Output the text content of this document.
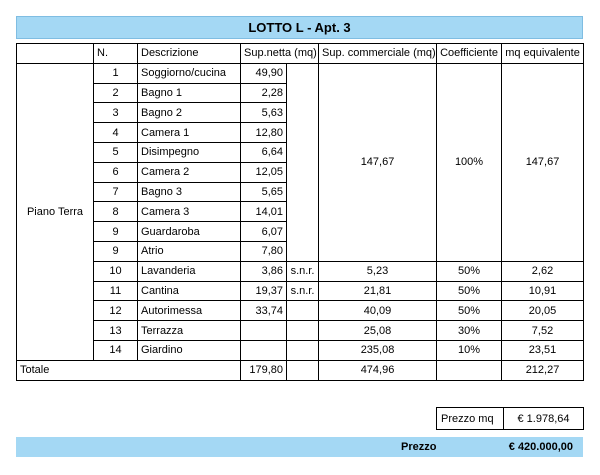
LOTTO L - Apt. 3
	N.	Descrizione	Sup.netta (mq)		Sup. commerciale (mq)	Coefficiente	mq equivalente
Piano Terra	1	Soggiorno/cucina	49,90		147,67	100%	147,67
	2	Bagno 1	2,28				
	3	Bagno 2	5,63				
	4	Camera 1	12,80				
	5	Disimpegno	6,64				
	6	Camera 2	12,05				
	7	Bagno 3	5,65				
	8	Camera 3	14,01				
	9	Guardaroba	6,07				
	9	Atrio	7,80				
	10	Lavanderia	3,86	s.n.r.	5,23	50%	2,62
	11	Cantina	19,37	s.n.r.	21,81	50%	10,91
	12	Autorimessa	33,74		40,09	50%	20,05
	13	Terrazza			25,08	30%	7,52
	14	Giardino			235,08	10%	23,51
Totale			179,80		474,96		212,27
Prezzo mq	€ 1.978,64
Prezzo	€ 420.000,00
